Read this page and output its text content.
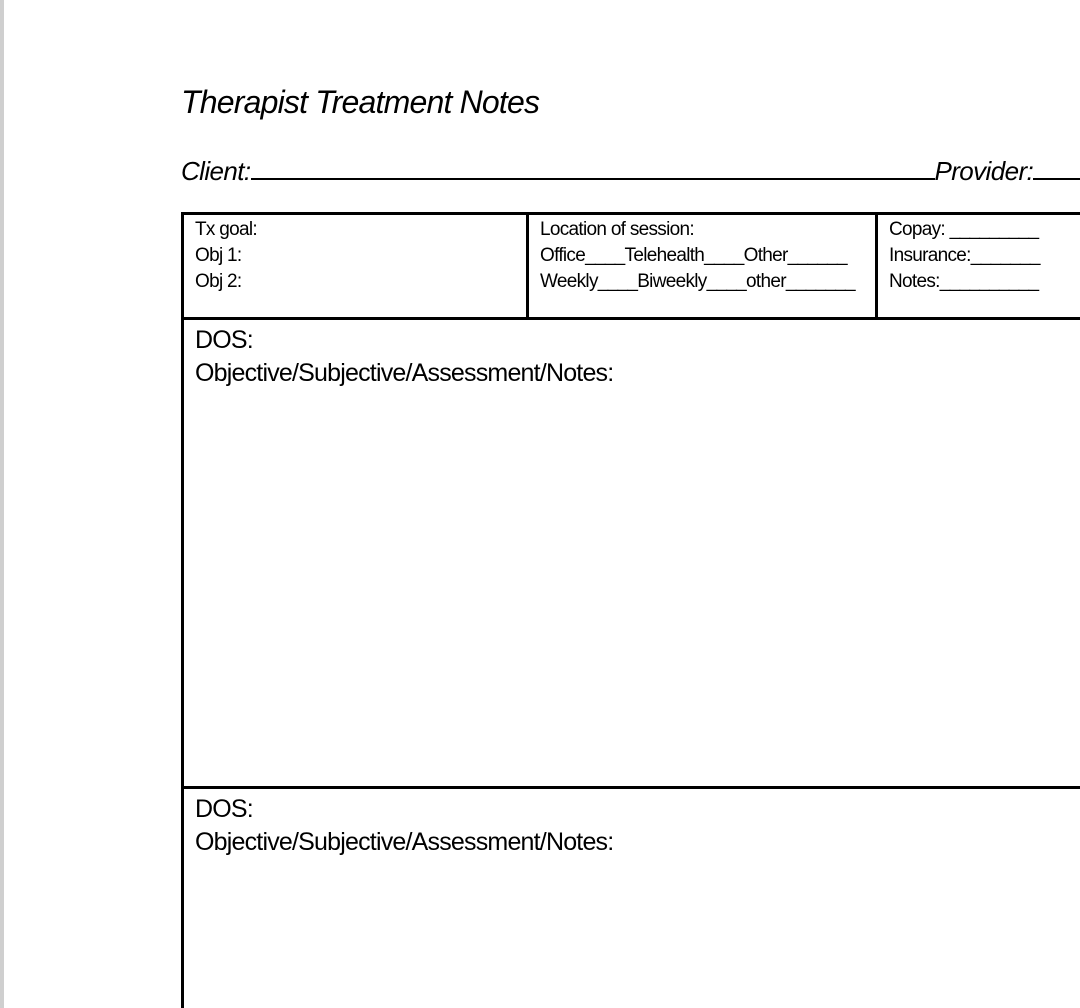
Therapist Treatment Notes
Client:	Provider:
Tx goal:
Obj 1:
Obj 2:
Location of session:
Office____Telehealth____Other______
Weekly____Biweekly____other_______
Copay: _________
Insurance:_______
Notes:__________
DOS:
Objective/Subjective/Assessment/Notes:
DOS:
Objective/Subjective/Assessment/Notes:
